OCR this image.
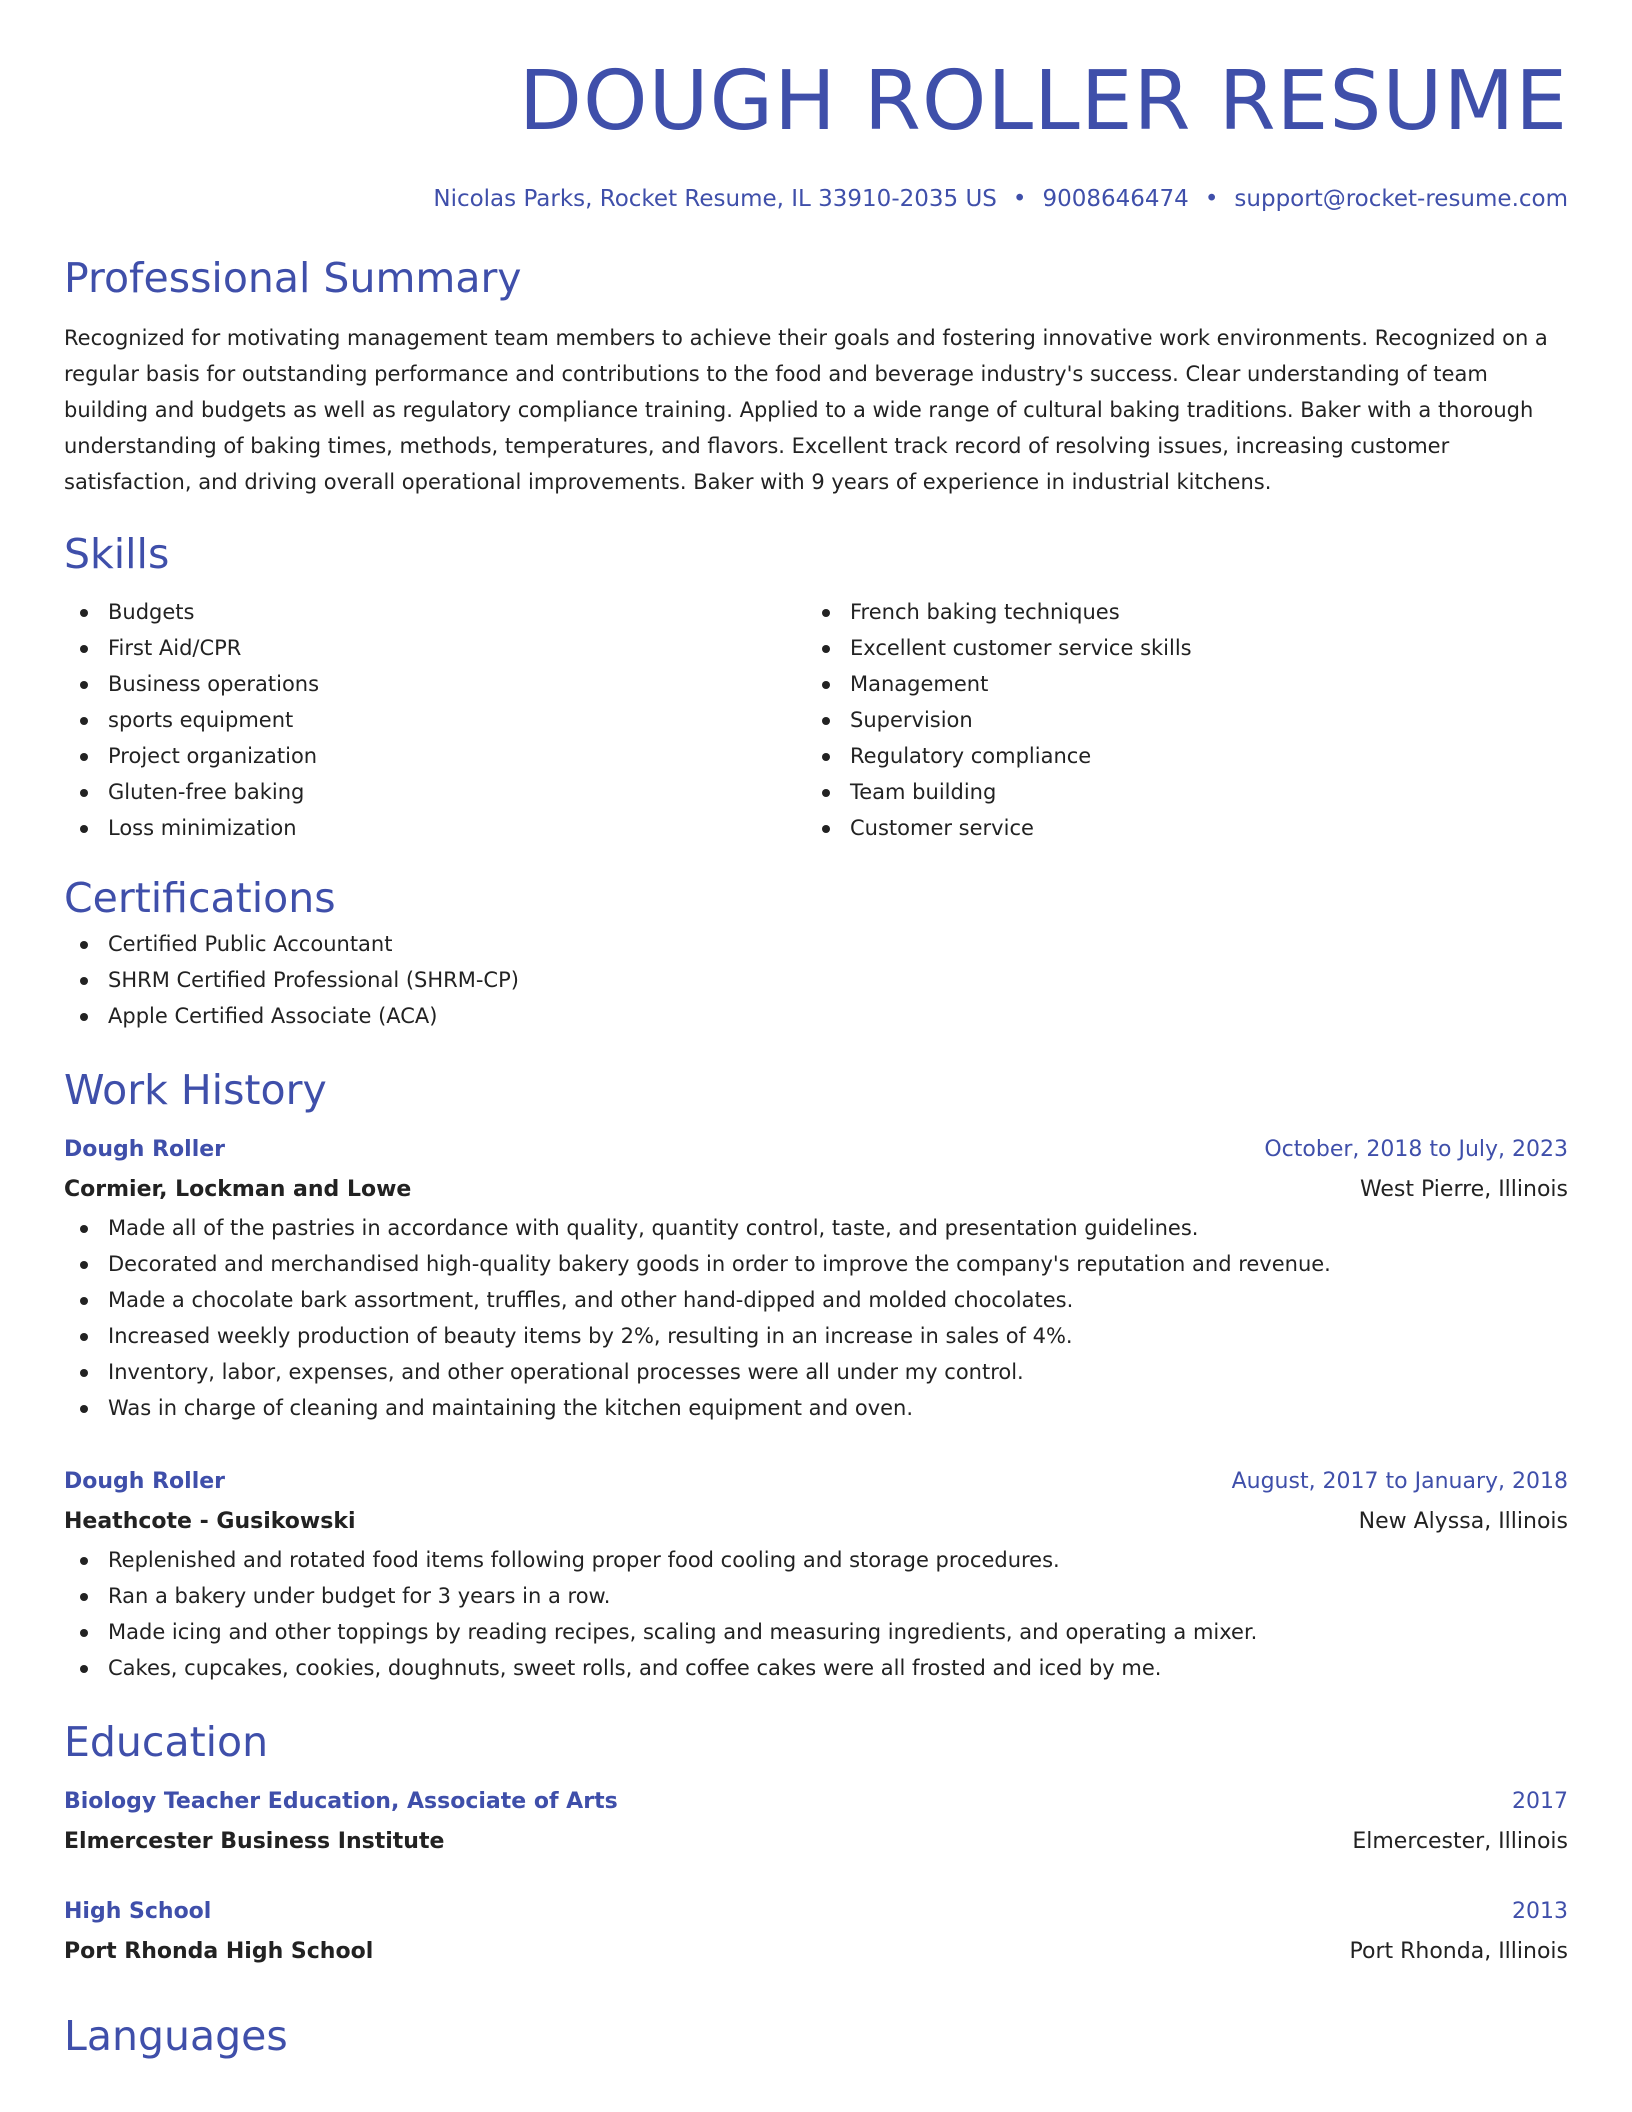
DOUGH ROLLER RESUME
Nicolas Parks, Rocket Resume, IL 33910-2035 US • 9008646474 • support@rocket-resume.com
Professional Summary

Recognized for motivating management team members to achieve their goals and fostering innovative work environments. Recognized on a regular basis for outstanding performance and contributions to the food and beverage industry's success. Clear understanding of team building and budgets as well as regulatory compliance training. Applied to a wide range of cultural baking traditions. Baker with a thorough understanding of baking times, methods, temperatures, and flavors. Excellent track record of resolving issues, increasing customer satisfaction, and driving overall operational improvements. Baker with 9 years of experience in industrial kitchens.

Skills
Budgets
First Aid/CPR
Business operations
sports equipment
Project organization
Gluten-free baking
Loss minimization
French baking techniques
Excellent customer service skills
Management
Supervision
Regulatory compliance
Team building
Customer service
Certifications
Certified Public Accountant
SHRM Certified Professional (SHRM-CP)
Apple Certified Associate (ACA)
Work History
Dough Roller	October, 2018 to July, 2023
Cormier, Lockman and Lowe	West Pierre, Illinois
Made all of the pastries in accordance with quality, quantity control, taste, and presentation guidelines.
Decorated and merchandised high-quality bakery goods in order to improve the company's reputation and revenue.
Made a chocolate bark assortment, truffles, and other hand-dipped and molded chocolates.
Increased weekly production of beauty items by 2%, resulting in an increase in sales of 4%.
Inventory, labor, expenses, and other operational processes were all under my control.
Was in charge of cleaning and maintaining the kitchen equipment and oven.
Dough Roller	August, 2017 to January, 2018
Heathcote - Gusikowski	New Alyssa, Illinois
Replenished and rotated food items following proper food cooling and storage procedures.
Ran a bakery under budget for 3 years in a row.
Made icing and other toppings by reading recipes, scaling and measuring ingredients, and operating a mixer.
Cakes, cupcakes, cookies, doughnuts, sweet rolls, and coffee cakes were all frosted and iced by me.
Education
Biology Teacher Education, Associate of Arts	2017
Elmercester Business Institute	Elmercester, Illinois
High School	2013
Port Rhonda High School	Port Rhonda, Illinois
Languages
